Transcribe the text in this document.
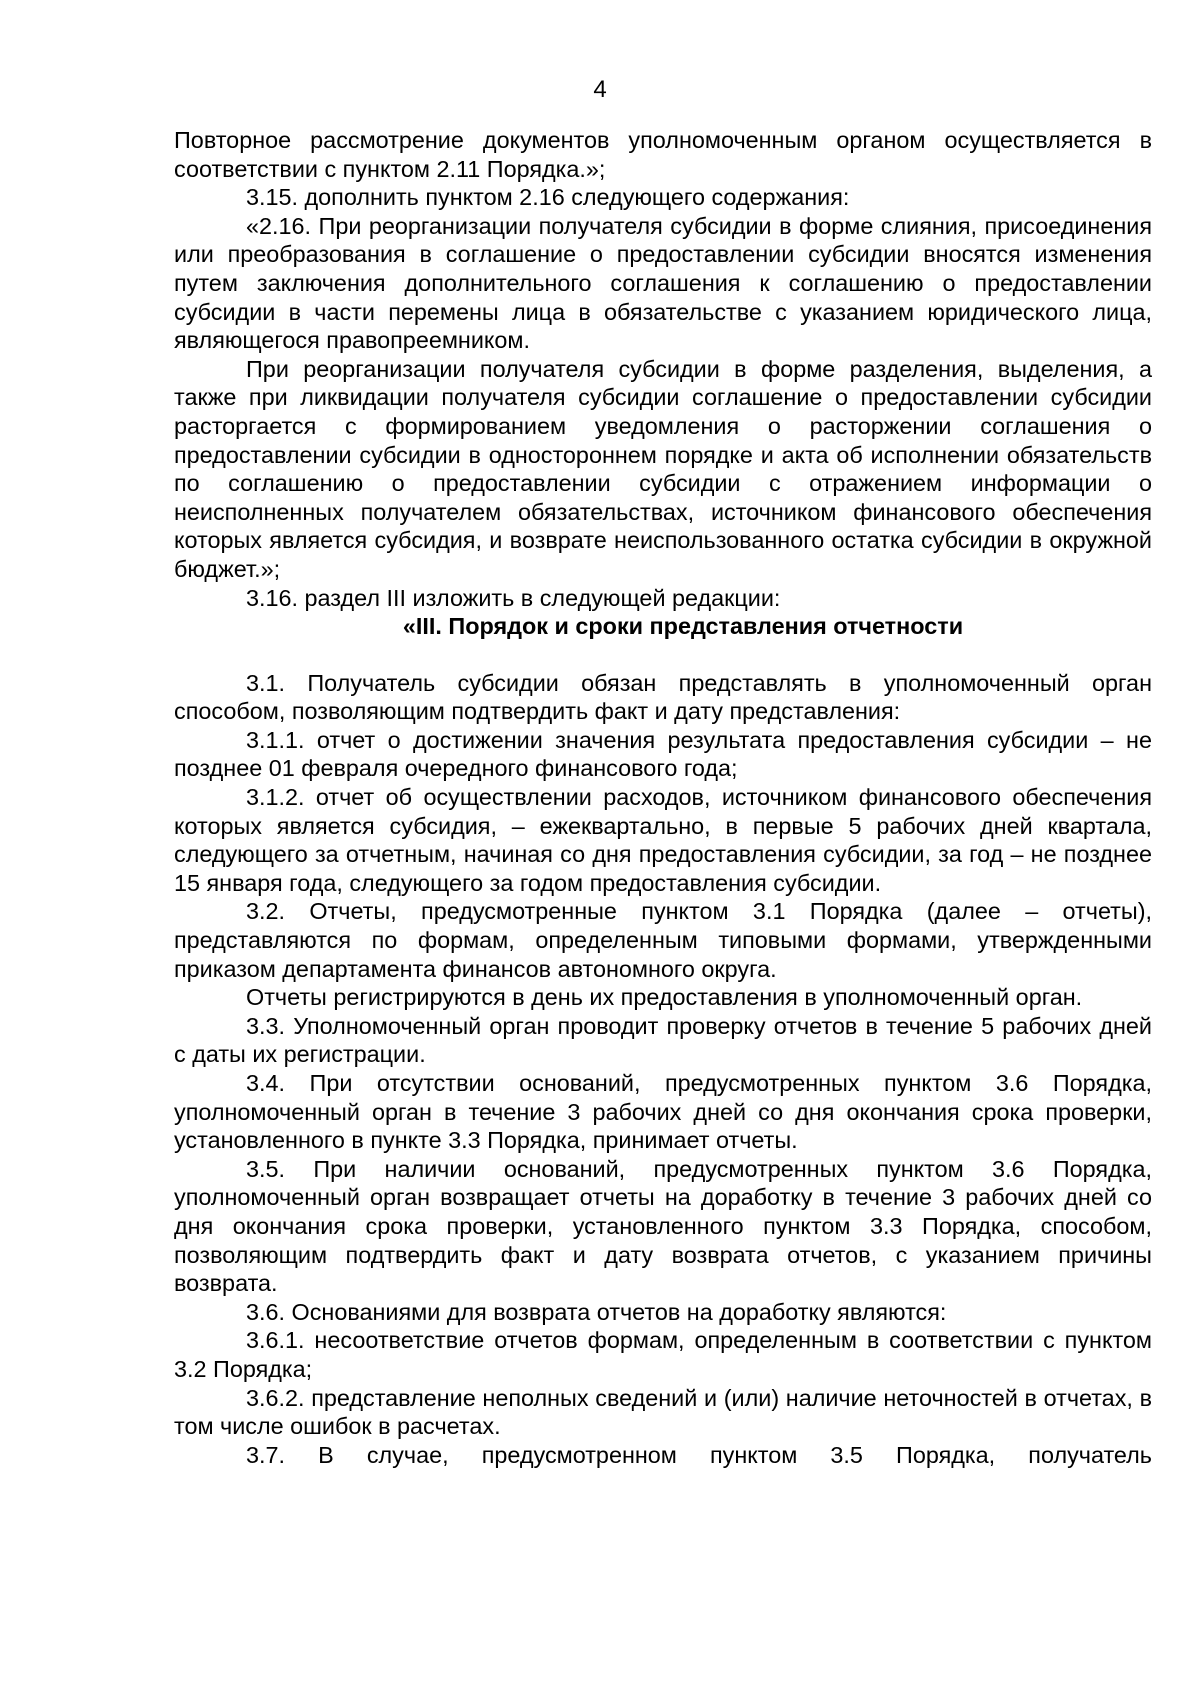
4

Повторное рассмотрение документов уполномоченным органом осуществляется в соответствии с пунктом 2.11 Порядка.»;

3.15. дополнить пунктом 2.16 следующего содержания:

«2.16. При реорганизации получателя субсидии в форме слияния, присоединения или преобразования в соглашение о предоставлении субсидии вносятся изменения путем заключения дополнительного соглашения к соглашению о предоставлении субсидии в части перемены лица в обязательстве с указанием юридического лица, являющегося правопреемником.

При реорганизации получателя субсидии в форме разделения, выделения, а также при ликвидации получателя субсидии соглашение о предоставлении субсидии расторгается с формированием уведомления о расторжении соглашения о предоставлении субсидии в одностороннем порядке и акта об исполнении обязательств по соглашению о предоставлении субсидии с отражением информации о неисполненных получателем обязательствах, источником финансового обеспечения которых является субсидия, и возврате неиспользованного остатка субсидии в окружной бюджет.»;

3.16. раздел III изложить в следующей редакции:

«III. Порядок и сроки представления отчетности

3.1. Получатель субсидии обязан представлять в уполномоченный орган способом, позволяющим подтвердить факт и дату представления:

3.1.1. отчет о достижении значения результата предоставления субсидии – не позднее 01 февраля очередного финансового года;

3.1.2. отчет об осуществлении расходов, источником финансового обеспечения которых является субсидия, – ежеквартально, в первые 5 рабочих дней квартала, следующего за отчетным, начиная со дня предоставления субсидии, за год – не позднее 15 января года, следующего за годом предоставления субсидии.

3.2. Отчеты, предусмотренные пунктом 3.1 Порядка (далее – отчеты), представляются по формам, определенным типовыми формами, утвержденными приказом департамента финансов автономного округа.

Отчеты регистрируются в день их предоставления в уполномоченный орган.

3.3. Уполномоченный орган проводит проверку отчетов в течение 5 рабочих дней с даты их регистрации.

3.4. При отсутствии оснований, предусмотренных пунктом 3.6 Порядка, уполномоченный орган в течение 3 рабочих дней со дня окончания срока проверки, установленного в пункте 3.3 Порядка, принимает отчеты.

3.5. При наличии оснований, предусмотренных пунктом 3.6 Порядка, уполномоченный орган возвращает отчеты на доработку в течение 3 рабочих дней со дня окончания срока проверки, установленного пунктом 3.3 Порядка, способом, позволяющим подтвердить факт и дату возврата отчетов, с указанием причины возврата.

3.6. Основаниями для возврата отчетов на доработку являются:

3.6.1. несоответствие отчетов формам, определенным в соответствии с пунктом 3.2 Порядка;

3.6.2. представление неполных сведений и (или) наличие неточностей в отчетах, в том числе ошибок в расчетах.

3.7. В случае, предусмотренном пунктом 3.5 Порядка, получатель
